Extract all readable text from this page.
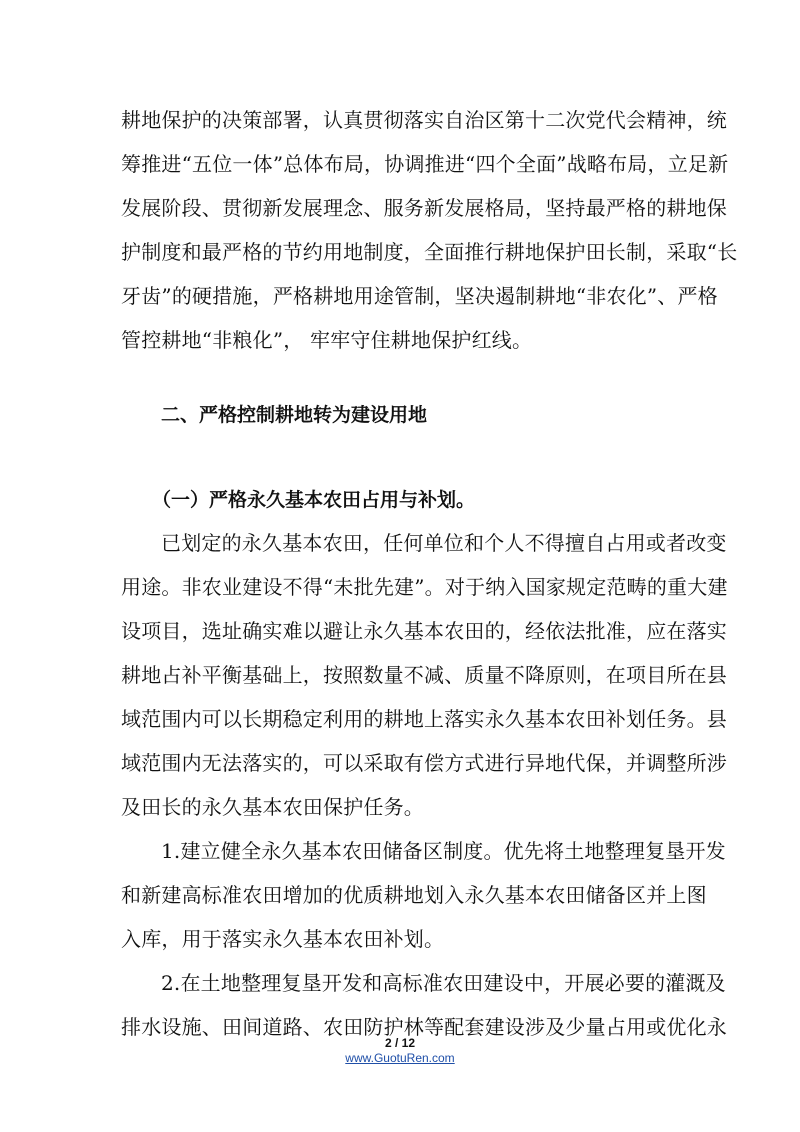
耕地保护的决策部署，认真贯彻落实自治区第十二次党代会精神，统
筹推进“五位一体”总体布局，协调推进“四个全面”战略布局，立足新
发展阶段、贯彻新发展理念、服务新发展格局，坚持最严格的耕地保
护制度和最严格的节约用地制度，全面推行耕地保护田长制，采取“长
牙齿”的硬措施，严格耕地用途管制，坚决遏制耕地“非农化”、严格
管控耕地“非粮化”， 牢牢守住耕地保护红线。
二、严格控制耕地转为建设用地
（一）严格永久基本农田占用与补划。
已划定的永久基本农田，任何单位和个人不得擅自占用或者改变
用途。非农业建设不得“未批先建”。对于纳入国家规定范畴的重大建
设项目，选址确实难以避让永久基本农田的，经依法批准，应在落实
耕地占补平衡基础上，按照数量不减、质量不降原则，在项目所在县
域范围内可以长期稳定利用的耕地上落实永久基本农田补划任务。县
域范围内无法落实的，可以采取有偿方式进行异地代保，并调整所涉
及田长的永久基本农田保护任务。
1.建立健全永久基本农田储备区制度。优先将土地整理复垦开发
和新建高标准农田增加的优质耕地划入永久基本农田储备区并上图
入库，用于落实永久基本农田补划。
2.在土地整理复垦开发和高标准农田建设中，开展必要的灌溉及
排水设施、田间道路、农田防护林等配套建设涉及少量占用或优化永
2 / 12
www.GuotuRen.com
